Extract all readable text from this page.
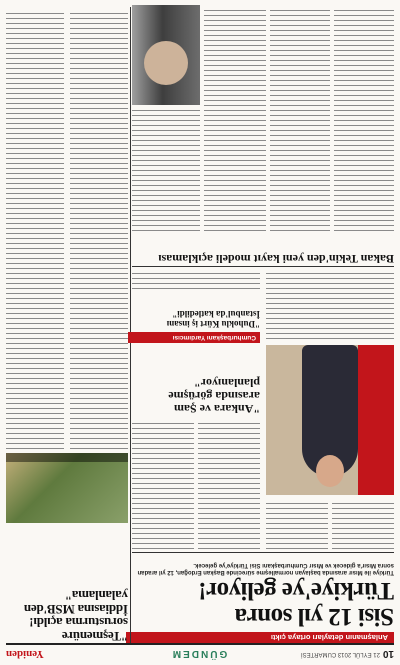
10
21 EYLÜL 2013 CUMARTESİ
GÜNDEM
Yeniden
Anlaşmanın detayları ortaya çıktı
Sisi 12 yıl sonra Türkiye'ye geliyor!
Türkiye ile Mısır arasında başlayan normalleşme sürecinde Başkan Erdoğan, 12 yıl aradan sonra Mısır'a gidecek ve Mısır Cumhurbaşkanı Sisi Türkiye'ye gelecek.
"Teşmenüre sorusturma açıldı! İddiasına MSB'den yalanlama"
"Ankara ve Şam arasında görüşme planlanıyor"
Cumhurbaşkanı Yardımcısı
"Duhoklu Kürt iş insanı İstanbul'da katledildi"
Bakan Tekin'den yeni kayıt modeli açıklaması
